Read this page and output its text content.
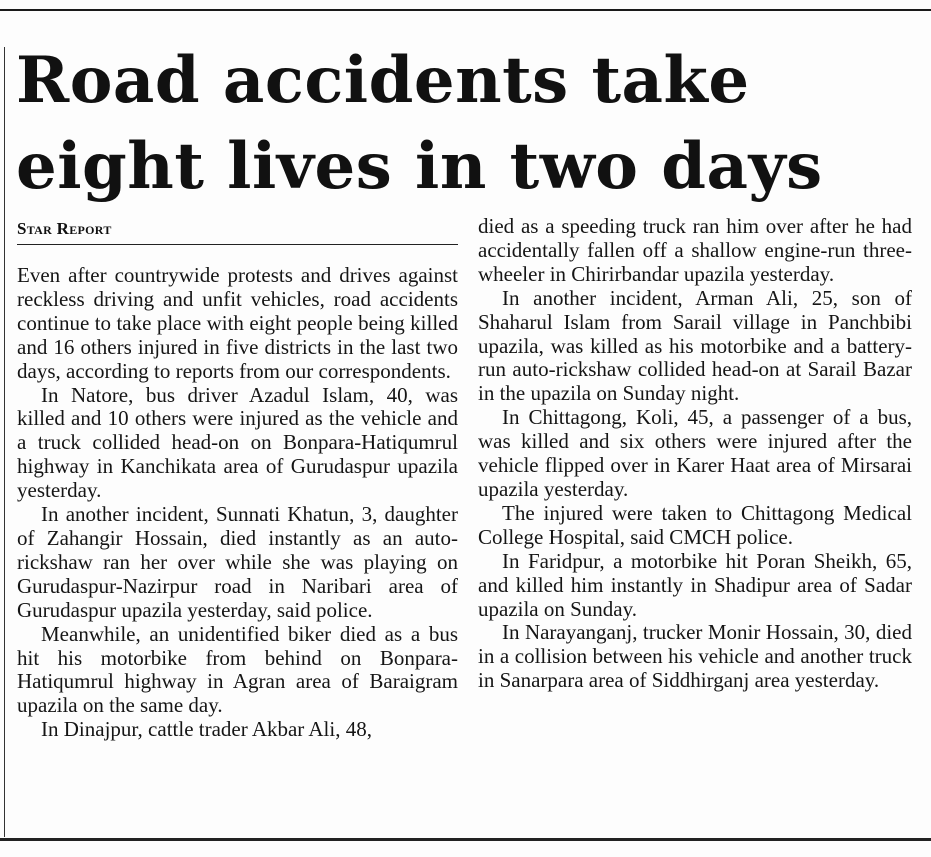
Road accidents take eight lives in two days
Star Report

Even after countrywide protests and drives against reckless driving and unfit vehicles, road accidents continue to take place with eight people being killed and 16 others injured in five districts in the last two days, according to reports from our correspondents.

In Natore, bus driver Azadul Islam, 40, was killed and 10 others were injured as the vehicle and a truck collided head-on on Bonpara-Hatiqumrul highway in Kanchikata area of Gurudaspur upazila yesterday.

In another incident, Sunnati Khatun, 3, daughter of Zahangir Hossain, died instantly as an auto-rickshaw ran her over while she was playing on Gurudaspur-Nazirpur road in Naribari area of Gurudaspur upazila yesterday, said police.

Meanwhile, an unidentified biker died as a bus hit his motorbike from behind on Bonpara-Hatiqumrul highway in Agran area of Baraigram upazila on the same day.

In Dinajpur, cattle trader Akbar Ali, 48,

died as a speeding truck ran him over after he had accidentally fallen off a shallow engine-run three-wheeler in Chirirbandar upazila yesterday.

In another incident, Arman Ali, 25, son of Shaharul Islam from Sarail village in Panchbibi upazila, was killed as his motorbike and a battery-run auto-rickshaw collided head-on at Sarail Bazar in the upazila on Sunday night.

In Chittagong, Koli, 45, a passenger of a bus, was killed and six others were injured after the vehicle flipped over in Karer Haat area of Mirsarai upazila yesterday.

The injured were taken to Chittagong Medical College Hospital, said CMCH police.

In Faridpur, a motorbike hit Poran Sheikh, 65, and killed him instantly in Shadipur area of Sadar upazila on Sunday.

In Narayanganj, trucker Monir Hossain, 30, died in a collision between his vehicle and another truck in Sanarpara area of Siddhirganj area yesterday.
